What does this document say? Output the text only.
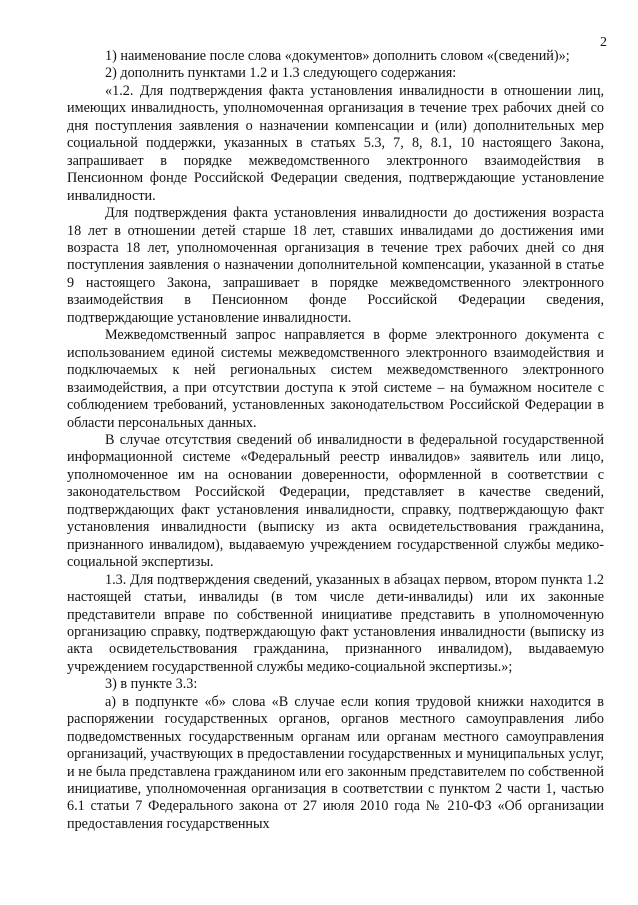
2

1) наименование после слова «документов» дополнить словом «(сведений)»;

2) дополнить пунктами 1.2 и 1.3 следующего содержания:

«1.2. Для подтверждения факта установления инвалидности в отношении лиц, имеющих инвалидность, уполномоченная организация в течение трех рабочих дней со дня поступления заявления о назначении компенсации и (или) дополнительных мер социальной поддержки, указанных в статьях 5.3, 7, 8, 8.1, 10 настоящего Закона, запрашивает в порядке межведомственного электронного взаимодействия в Пенсионном фонде Российской Федерации сведения, подтверждающие установление инвалидности.

Для подтверждения факта установления инвалидности до достижения возраста 18 лет в отношении детей старше 18 лет, ставших инвалидами до достижения ими возраста 18 лет, уполномоченная организация в течение трех рабочих дней со дня поступления заявления о назначении дополнительной компенсации, указанной в статье 9 настоящего Закона, запрашивает в порядке межведомственного электронного взаимодействия в Пенсионном фонде Российской Федерации сведения, подтверждающие установление инвалидности.

Межведомственный запрос направляется в форме электронного документа с использованием единой системы межведомственного электронного взаимодействия и подключаемых к ней региональных систем межведомственного электронного взаимодействия, а при отсутствии доступа к этой системе – на бумажном носителе с соблюдением требований, установленных законодательством Российской Федерации в области персональных данных.

В случае отсутствия сведений об инвалидности в федеральной государственной информационной системе «Федеральный реестр инвалидов» заявитель или лицо, уполномоченное им на основании доверенности, оформленной в соответствии с законодательством Российской Федерации, представляет в качестве сведений, подтверждающих факт установления инвалидности, справку, подтверждающую факт установления инвалидности (выписку из акта освидетельствования гражданина, признанного инвалидом), выдаваемую учреждением государственной службы медико-социальной экспертизы.

1.3. Для подтверждения сведений, указанных в абзацах первом, втором пункта 1.2 настоящей статьи, инвалиды (в том числе дети-инвалиды) или их законные представители вправе по собственной инициативе представить в уполномоченную организацию справку, подтверждающую факт установления инвалидности (выписку из акта освидетельствования гражданина, признанного инвалидом), выдаваемую учреждением государственной службы медико-социальной экспертизы.»;

3) в пункте 3.3:

а) в подпункте «б» слова «В случае если копия трудовой книжки находится в распоряжении государственных органов, органов местного самоуправления либо подведомственных государственным органам или органам местного самоуправления организаций, участвующих в предоставлении государственных и муниципальных услуг, и не была представлена гражданином или его законным представителем по собственной инициативе, уполномоченная организация в соответствии с пунктом 2 части 1, частью 6.1 статьи 7 Федерального закона от 27 июля 2010 года № 210-ФЗ «Об организации предоставления государственных
